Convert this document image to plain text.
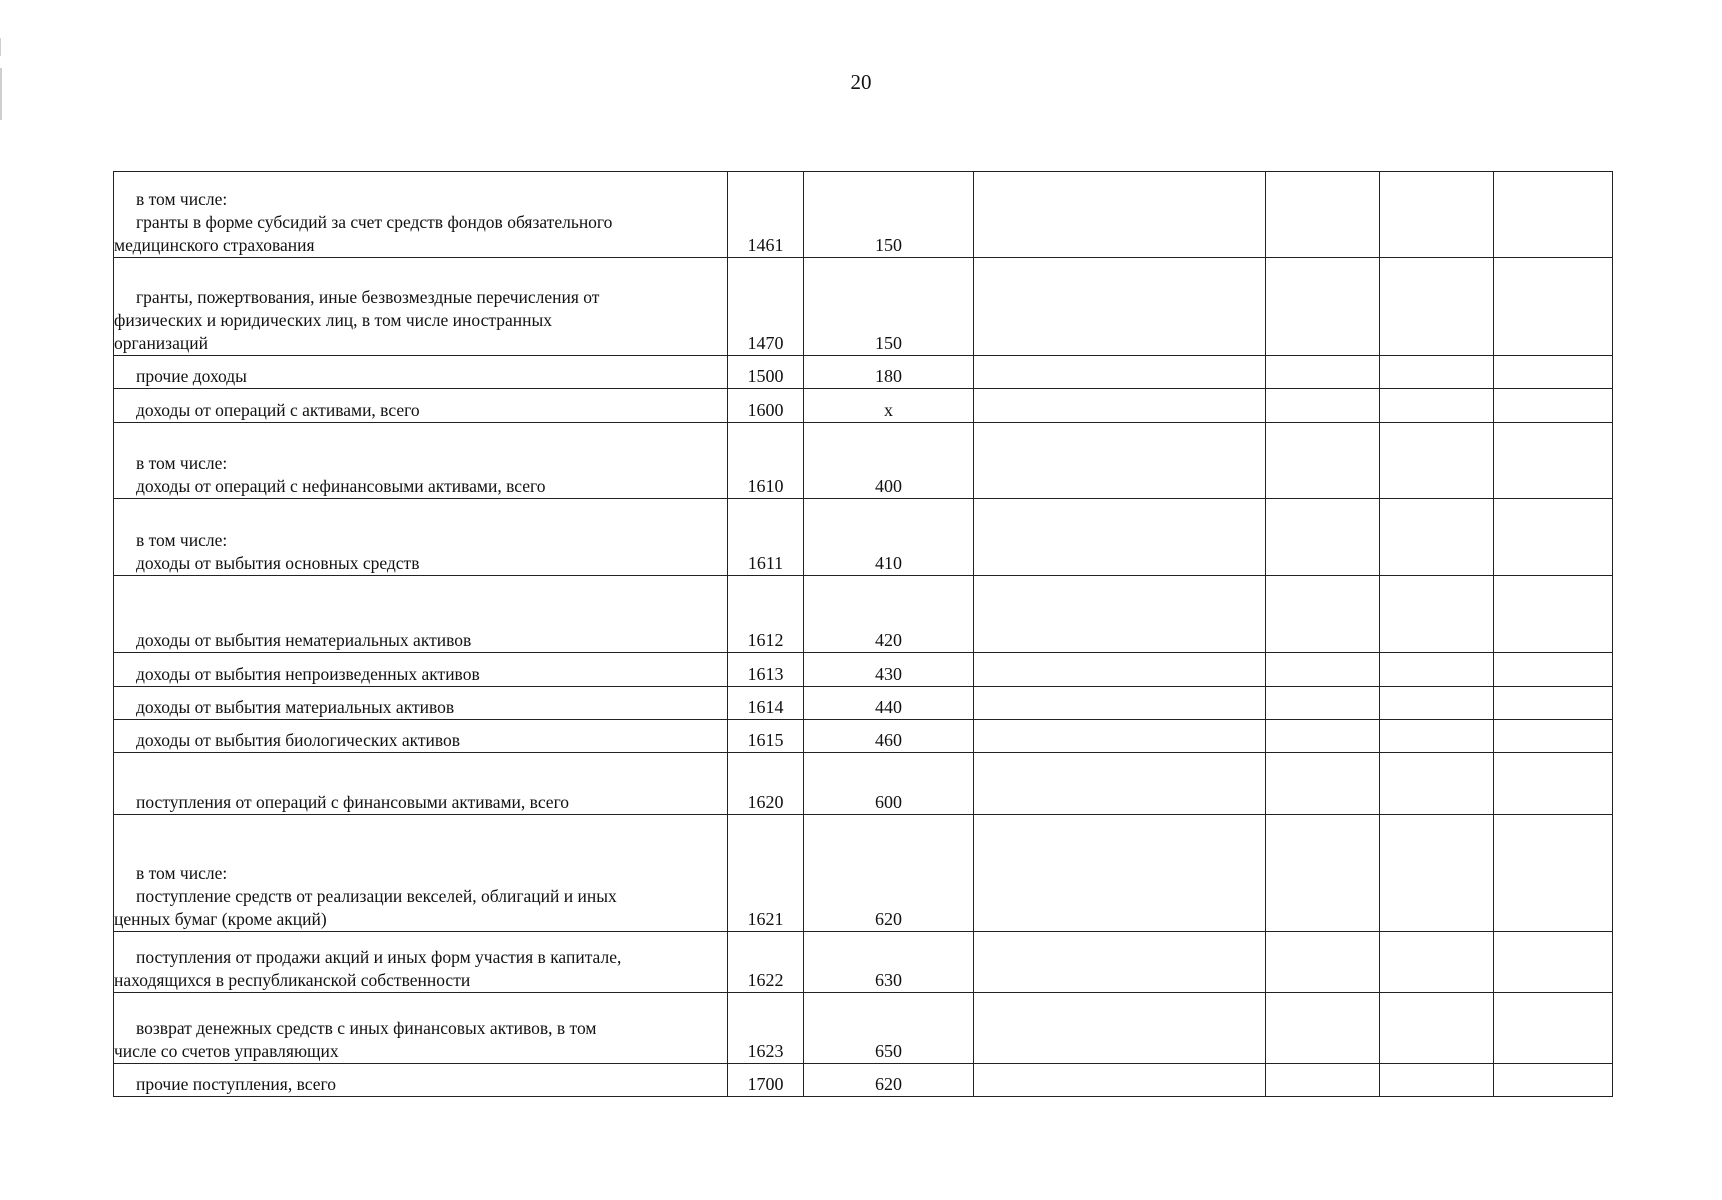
20
в том числе:
гранты в форме субсидий за счет средств фондов обязательного
медицинского страхования	1461	150				

гранты, пожертвования, иные безвозмездные перечисления от
физических и юридических лиц, в том числе иностранных
организаций	1470	150				

прочие доходы	1500	180				

доходы от операций с активами, всего	1600	х				

в том числе:
доходы от операций с нефинансовыми активами, всего	1610	400				

в том числе:
доходы от выбытия основных средств	1611	410				

доходы от выбытия нематериальных активов	1612	420				

доходы от выбытия непроизведенных активов	1613	430				

доходы от выбытия материальных активов	1614	440				

доходы от выбытия биологических активов	1615	460				

поступления от операций с финансовыми активами, всего	1620	600				

в том числе:
поступление средств от реализации векселей, облигаций и иных
ценных бумаг (кроме акций)	1621	620				

поступления от продажи акций и иных форм участия в капитале,
находящихся в республиканской собственности	1622	630				

возврат денежных средств с иных финансовых активов, в том
числе со счетов управляющих	1623	650				

прочие поступления, всего	1700	620				
